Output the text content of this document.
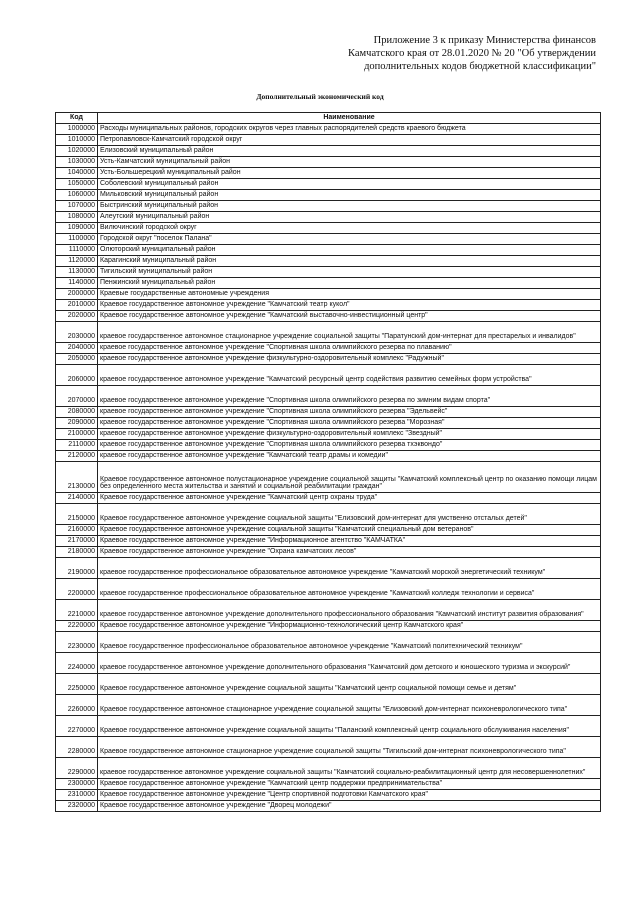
Приложение 3 к приказу Министерства финансов
Камчатского края от 28.01.2020 № 20 "Об утверждении
дополнительных кодов бюджетной классификации"
Дополнительный экономический код
Код	Наименование
1000000	Расходы муниципальных районов, городских округов через главных распорядителей средств краевого бюджета
1010000	Петропавловск-Камчатский городской округ
1020000	Елизовский муниципальный район
1030000	Усть-Камчатский муниципальный район
1040000	Усть-Большерецкий муниципальный район
1050000	Соболевский муниципальный район
1060000	Мильковский муниципальный район
1070000	Быстринский муниципальный район
1080000	Алеутский муниципальный район
1090000	Вилючинский городской округ
1100000	Городской округ "поселок Палана"
1110000	Олюторский муниципальный район
1120000	Карагинский муниципальный район
1130000	Тигильский муниципальный район
1140000	Пенжинский муниципальный район
2000000	Краевые государственные автономные учреждения
2010000	Краевое государственное автономное учреждение "Камчатский театр кукол"
2020000	Краевое государственное автономное учреждение "Камчатский выставочно-инвестиционный центр"
2030000	краевое государственное автономное стационарное учреждение социальной защиты "Паратунский дом-интернат для престарелых и инвалидов"
2040000	краевое государственное автономное учреждение "Спортивная школа олимпийского резерва по плаванию"
2050000	краевое государственное автономное учреждение физкультурно-оздоровительный комплекс "Радужный"
2060000	краевое государственное автономное учреждение "Камчатский ресурсный центр содействия развитию семейных форм устройства"
2070000	краевое государственное автономное учреждение "Спортивная школа олимпийского резерва по зимним видам спорта"
2080000	краевое государственное автономное учреждение "Спортивная школа олимпийского резерва "Эдельвейс"
2090000	краевое государственное автономное учреждение "Спортивная школа олимпийского резерва "Морозная"
2100000	краевое государственное автономное учреждение физкультурно-оздоровительный комплекс "Звездный"
2110000	краевое государственное автономное учреждение "Спортивная школа олимпийского резерва тхэквондо"
2120000	краевое государственное автономное учреждение "Камчатский театр драмы и комедии"
2130000	Краевое государственное автономное полустационарное учреждение социальной защиты "Камчатский комплексный центр по оказанию помощи лицам без определенного места жительства и занятий и социальной реабилитации граждан"
2140000	Краевое государственное автономное учреждение "Камчатский центр охраны труда"
2150000	Краевое государственное автономное учреждение социальной защиты "Елизовский дом-интернат для умственно отсталых детей"
2160000	Краевое государственное автономное учреждение социальной защиты "Камчатский специальный дом ветеранов"
2170000	Краевое государственное автономное учреждение "Информационное агентство "КАМЧАТКА"
2180000	Краевое государственное автономное учреждение "Охрана камчатских лесов"
2190000	краевое государственное профессиональное образовательное автономное учреждение "Камчатский морской энергетический техникум"
2200000	краевое государственное профессиональное образовательное автономное учреждение "Камчатский колледж технологии и сервиса"
2210000	краевое государственное автономное учреждение дополнительного профессионального образования "Камчатский институт развития образования"
2220000	Краевое государственное автономное учреждение "Информационно-технологический центр Камчатского края"
2230000	Краевое государственное профессиональное образовательное автономное учреждение "Камчатский политехнический техникум"
2240000	краевое государственное автономное учреждение дополнительного образования "Камчатский дом детского и юношеского туризма и экскурсий"
2250000	Краевое государственное автономное учреждение социальной защиты "Камчатский центр социальной помощи семье и детям"
2260000	Краевое государственное автономное стационарное учреждение социальной защиты "Елизовский дом-интернат психоневрологического типа"
2270000	Краевое государственное автономное учреждение социальной защиты "Паланский комплексный центр социального обслуживания населения"
2280000	Краевое государственное автономное стационарное учреждение социальной защиты "Тигильский дом-интернат психоневрологического типа"
2290000	краевое государственное автономное учреждение социальной защиты "Камчатский социально-реабилитационный центр для несовершеннолетних"
2300000	Краевое государственное автономное учреждение "Камчатский центр поддержки предпринимательства"
2310000	Краевое государственное автономное учреждение "Центр спортивной подготовки Камчатского края"
2320000	Краевое государственное автономное учреждение "Дворец молодежи"
